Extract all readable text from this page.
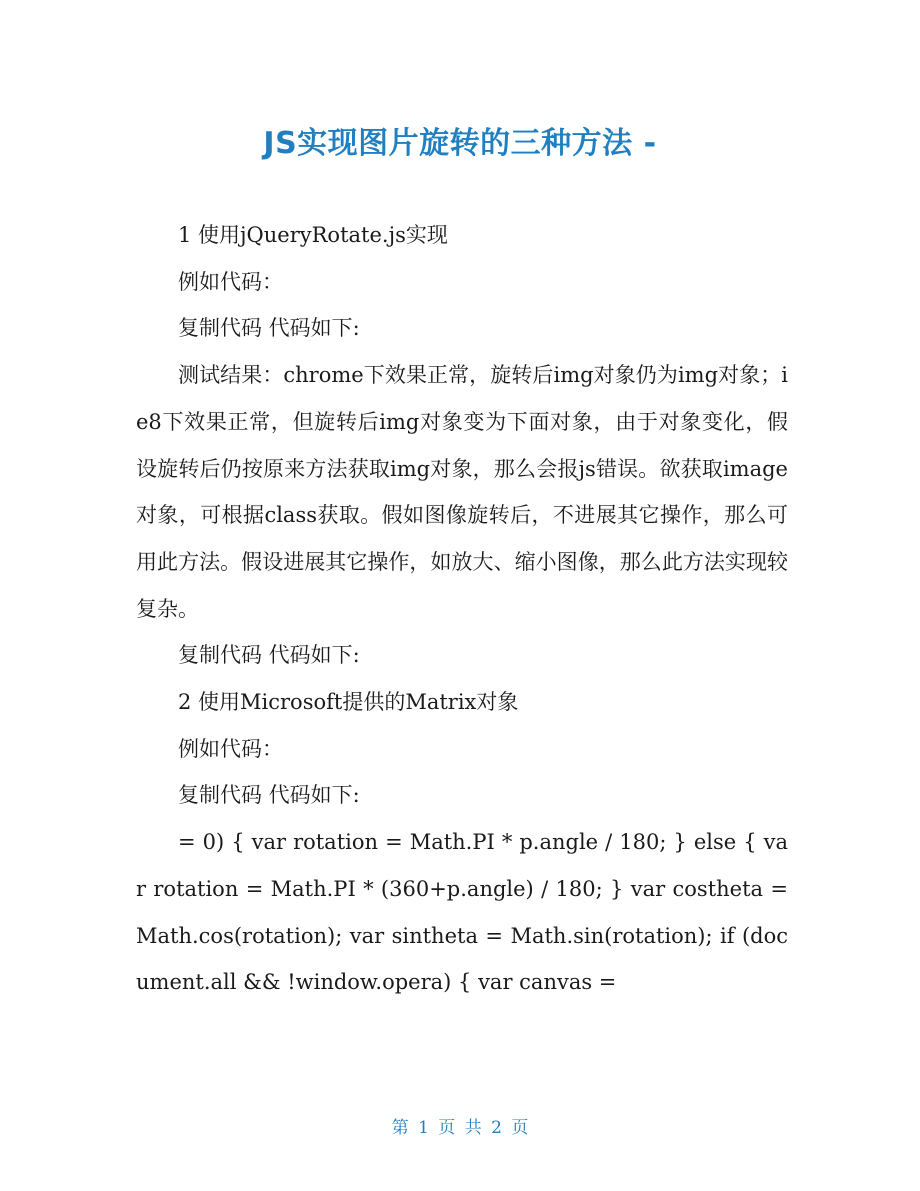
JS实现图片旋转的三种方法 -

1 使用jQueryRotate.js实现

例如代码：

复制代码 代码如下:

测试结果：chrome下效果正常，旋转后img对象仍为img对象；ie8下效果正常，但旋转后img对象变为下面对象，由于对象变化，假设旋转后仍按原来方法获取img对象，那么会报js错误。欲获取image对象，可根据class获取。假如图像旋转后，不进展其它操作，那么可用此方法。假设进展其它操作，如放大、缩小图像，那么此方法实现较复杂。

复制代码 代码如下:

2 使用Microsoft提供的Matrix对象

例如代码：

复制代码 代码如下:

= 0) { var rotation = Math.PI * p.angle / 180; } else { var rotation = Math.PI * (360+p.angle) / 180; } var costheta = Math.cos(rotation); var sintheta = Math.sin(rotation); if (document.all && !window.opera) { var canvas =

第 1 页 共 2 页
